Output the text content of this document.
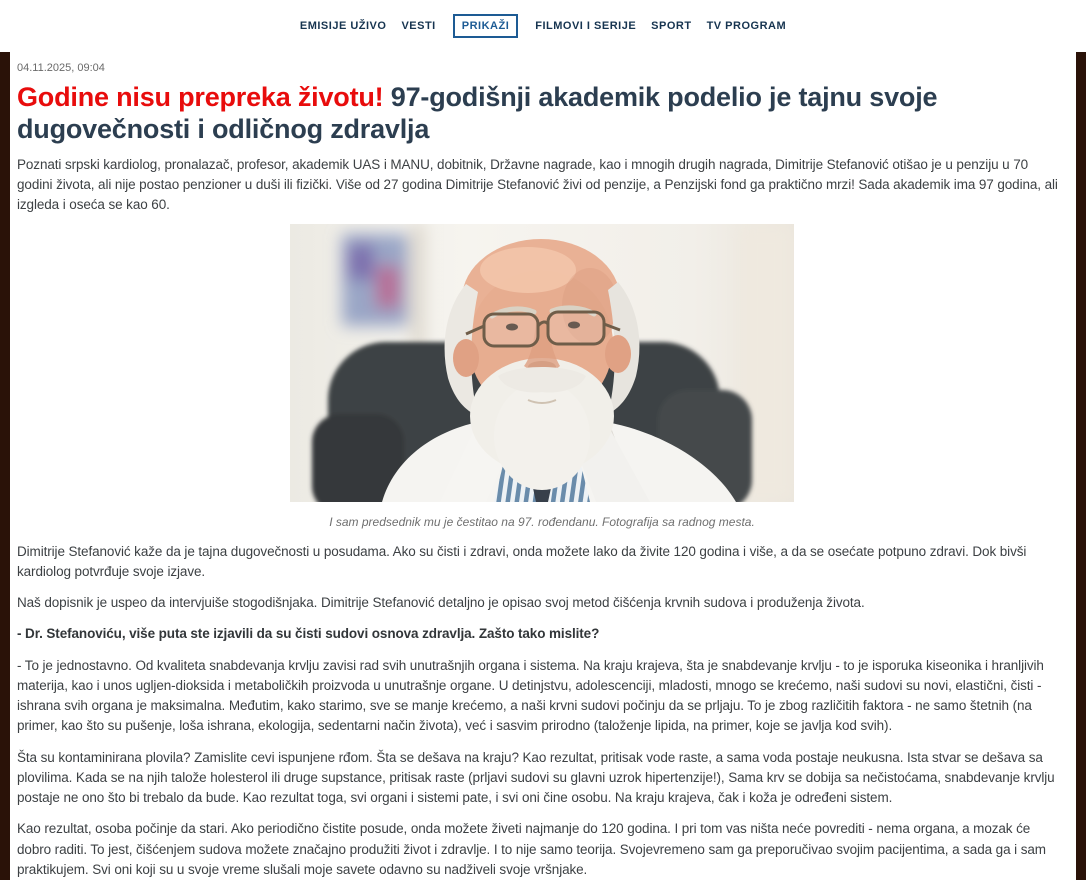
EMISIJE UŽIVO VESTI	PRIKAŽI	FILMOVI I SERIJE SPORT TV PROGRAM
04.11.2025, 09:04
Godine nisu prepreka životu! 97-godišnji akademik podelio je tajnu svoje dugovečnosti i odličnog zdravlja

Poznati srpski kardiolog, pronalazač, profesor, akademik UAS i MANU, dobitnik, Državne nagrade, kao i mnogih drugih nagrada, Dimitrije Stefanović otišao je u penziju u 70 godini života, ali nije postao penzioner u duši ili fizički. Više od 27 godina Dimitrije Stefanović živi od penzije, a Penzijski fond ga praktično mrzi! Sada akademik ima 97 godina, ali izgleda i oseća se kao 60.

I sam predsednik mu je čestitao na 97. rođendanu. Fotografija sa radnog mesta.

Dimitrije Stefanović kaže da je tajna dugovečnosti u posudama. Ako su čisti i zdravi, onda možete lako da živite 120 godina i više, a da se osećate potpuno zdravi. Dok bivši kardiolog potvrđuje svoje izjave.

Naš dopisnik je uspeo da intervjuiše stogodišnjaka. Dimitrije Stefanović detaljno je opisao svoj metod čišćenja krvnih sudova i produženja života.

- Dr. Stefanoviću, više puta ste izjavili da su čisti sudovi osnova zdravlja. Zašto tako mislite?

- To je jednostavno. Od kvaliteta snabdevanja krvlju zavisi rad svih unutrašnjih organa i sistema. Na kraju krajeva, šta je snabdevanje krvlju - to je isporuka kiseonika i hranljivih materija, kao i unos ugljen-dioksida i metaboličkih proizvoda u unutrašnje organe. U detinjstvu, adolescenciji, mladosti, mnogo se krećemo, naši sudovi su novi, elastični, čisti - ishrana svih organa je maksimalna. Međutim, kako starimo, sve se manje krećemo, a naši krvni sudovi počinju da se prljaju. To je zbog različitih faktora - ne samo štetnih (na primer, kao što su pušenje, loša ishrana, ekologija, sedentarni način života), već i sasvim prirodno (taloženje lipida, na primer, koje se javlja kod svih).

Šta su kontaminirana plovila? Zamislite cevi ispunjene rđom. Šta se dešava na kraju? Kao rezultat, pritisak vode raste, a sama voda postaje neukusna. Ista stvar se dešava sa plovilima. Kada se na njih talože holesterol ili druge supstance, pritisak raste (prljavi sudovi su glavni uzrok hipertenzije!), Sama krv se dobija sa nečistoćama, snabdevanje krvlju postaje ne ono što bi trebalo da bude. Kao rezultat toga, svi organi i sistemi pate, i svi oni čine osobu. Na kraju krajeva, čak i koža je određeni sistem.

Kao rezultat, osoba počinje da stari. Ako periodično čistite posude, onda možete živeti najmanje do 120 godina. I pri tom vas ništa neće povrediti - nema organa, a mozak će dobro raditi. To jest, čišćenjem sudova možete značajno produžiti život i zdravlje. I to nije samo teorija. Svojevremeno sam ga preporučivao svojim pacijentima, a sada ga i sam praktikujem. Svi oni koji su u svoje vreme slušali moje savete odavno su nadživeli svoje vršnjake.
